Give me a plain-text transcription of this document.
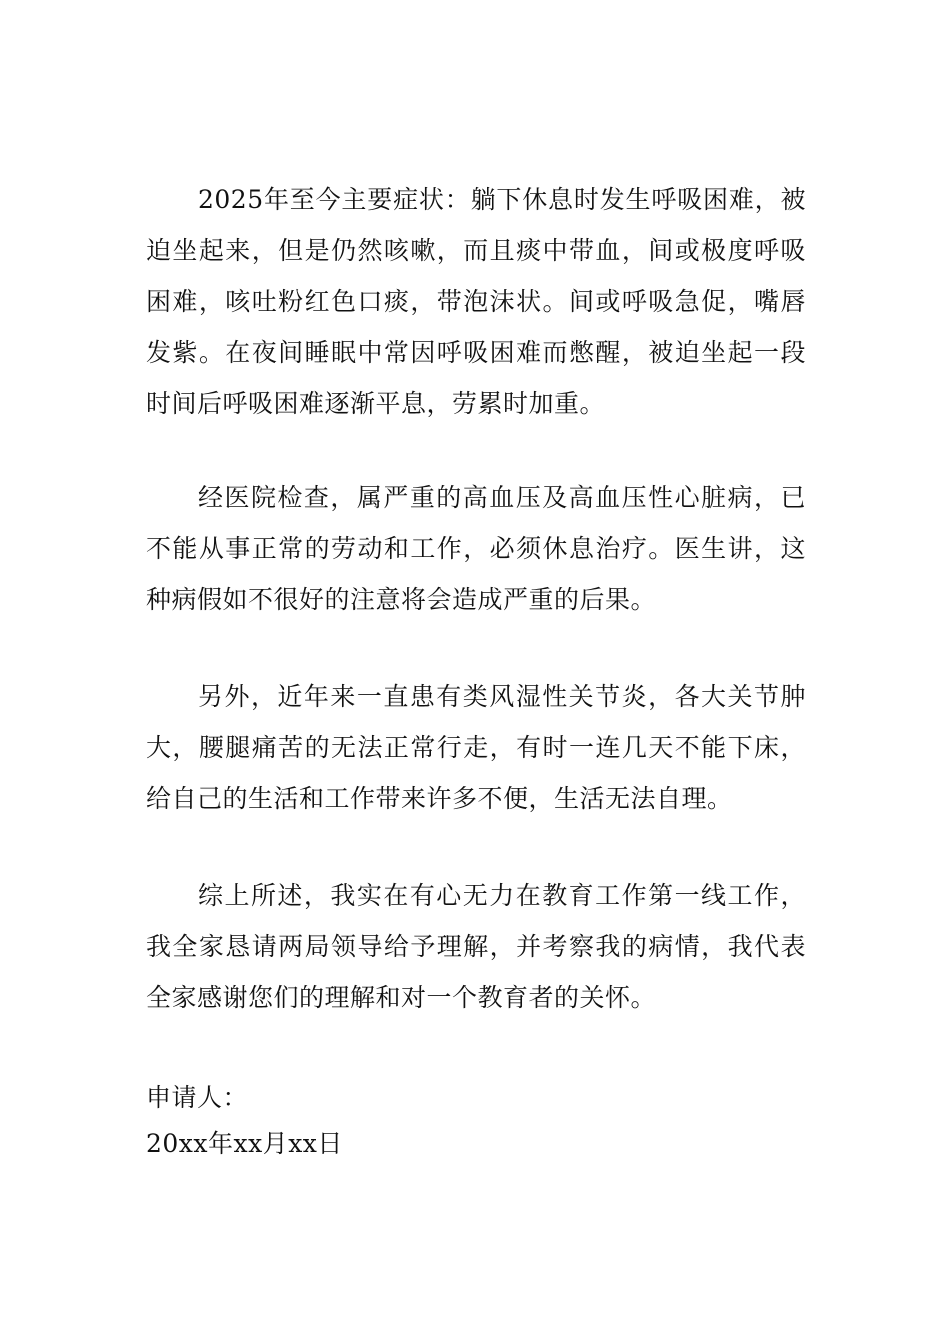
2025年至今主要症状：躺下休息时发生呼吸困难，被迫坐起来，但是仍然咳嗽，而且痰中带血，间或极度呼吸困难，咳吐粉红色口痰，带泡沫状。间或呼吸急促，嘴唇发紫。在夜间睡眠中常因呼吸困难而憋醒，被迫坐起一段时间后呼吸困难逐渐平息，劳累时加重。

经医院检查，属严重的高血压及高血压性心脏病，已不能从事正常的劳动和工作，必须休息治疗。医生讲，这种病假如不很好的注意将会造成严重的后果。

另外，近年来一直患有类风湿性关节炎，各大关节肿大，腰腿痛苦的无法正常行走，有时一连几天不能下床，给自己的生活和工作带来许多不便，生活无法自理。

综上所述，我实在有心无力在教育工作第一线工作，我全家恳请两局领导给予理解，并考察我的病情，我代表全家感谢您们的理解和对一个教育者的关怀。

申请人：

20xx年xx月xx日
